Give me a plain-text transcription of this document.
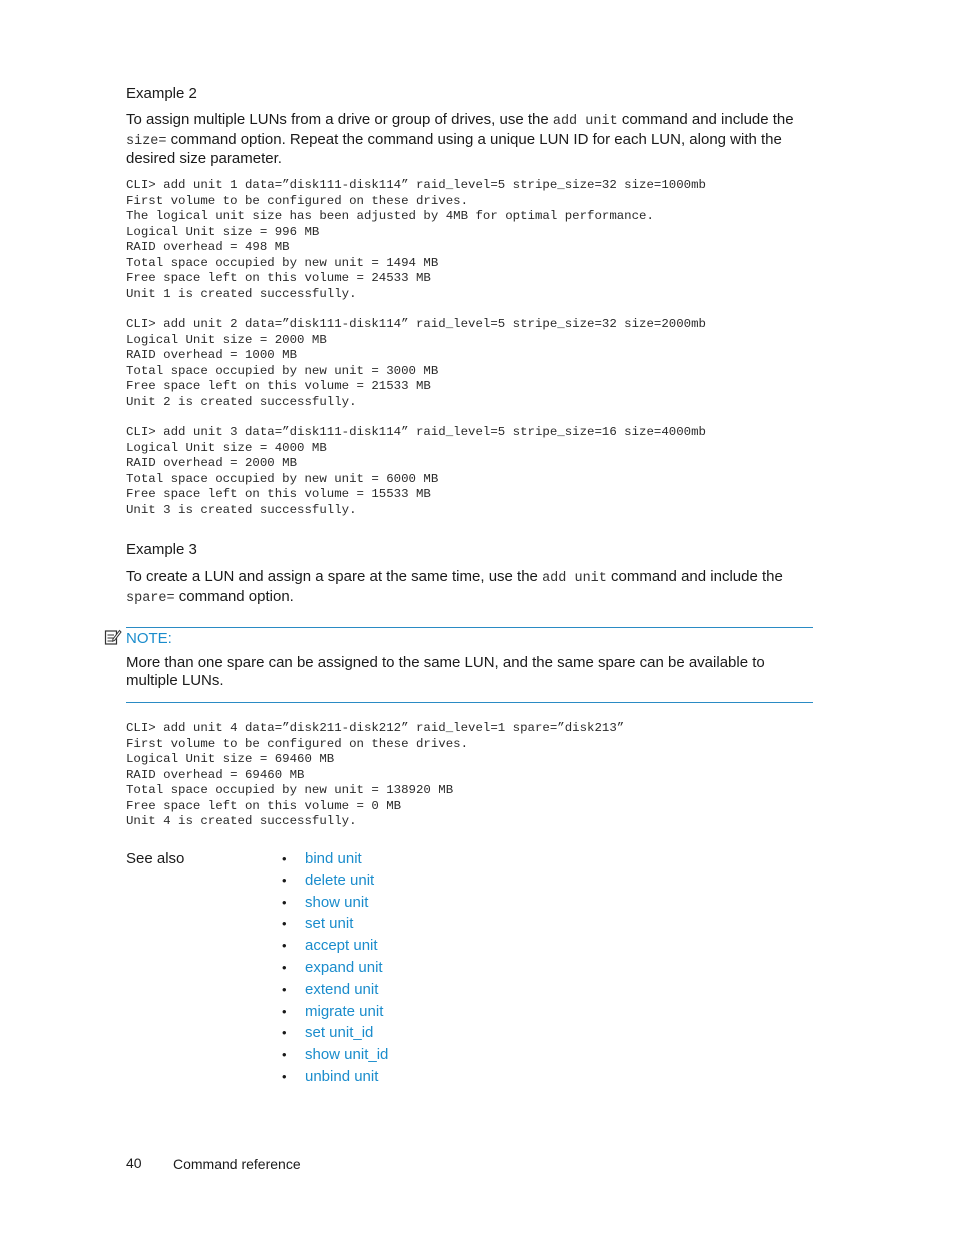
Example 2
To assign multiple LUNs from a drive or group of drives, use the add unit command and include the size= command option. Repeat the command using a unique LUN ID for each LUN, along with the desired size parameter.
CLI> add unit 1 data=”disk111-disk114” raid_level=5 stripe_size=32 size=1000mb
First volume to be configured on these drives.
The logical unit size has been adjusted by 4MB for optimal performance.
Logical Unit size = 996 MB
RAID overhead = 498 MB
Total space occupied by new unit = 1494 MB
Free space left on this volume = 24533 MB
Unit 1 is created successfully.
CLI> add unit 2 data=”disk111-disk114” raid_level=5 stripe_size=32 size=2000mb
Logical Unit size = 2000 MB
RAID overhead = 1000 MB
Total space occupied by new unit = 3000 MB
Free space left on this volume = 21533 MB
Unit 2 is created successfully.
CLI> add unit 3 data=”disk111-disk114” raid_level=5 stripe_size=16 size=4000mb
Logical Unit size = 4000 MB
RAID overhead = 2000 MB
Total space occupied by new unit = 6000 MB
Free space left on this volume = 15533 MB
Unit 3 is created successfully.
Example 3
To create a LUN and assign a spare at the same time, use the add unit command and include the spare= command option.
NOTE:
More than one spare can be assigned to the same LUN, and the same spare can be available to multiple LUNs.
CLI> add unit 4 data=”disk211-disk212” raid_level=1 spare=”disk213”
First volume to be configured on these drives.
Logical Unit size = 69460 MB
RAID overhead = 69460 MB
Total space occupied by new unit = 138920 MB
Free space left on this volume = 0 MB
Unit 4 is created successfully.
See also	•	bind unit
•	delete unit
•	show unit
•	set unit
•	accept unit
•	expand unit
•	extend unit
•	migrate unit
•	set unit_id
•	show unit_id
•	unbind unit
40 Command reference
